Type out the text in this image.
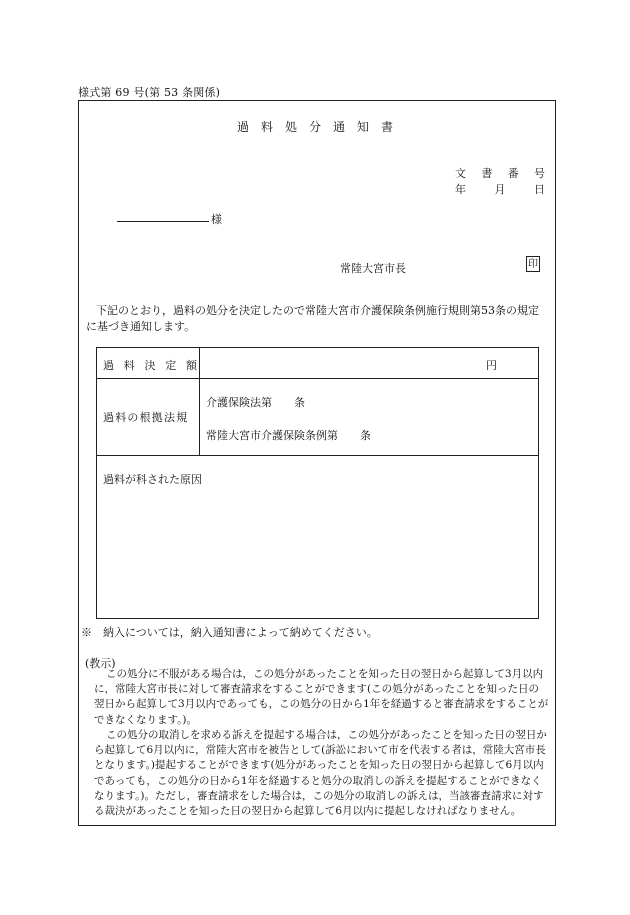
様式第 69 号(第 53 条関係)
過料処分通知書
文 書 番 号
年	月	日
様
常陸大宮市長	印
下記のとおり，過料の処分を決定したので常陸大宮市介護保険条例施行規則第53条の規定に基づき通知します。
過 料 決 定 額	円
過料の根拠法規
介護保険法第　　条
常陸大宮市介護保険条例第　　条
過料が科された原因
※　納入については，納入通知書によって納めてください。
(教示)
この処分に不服がある場合は，この処分があったことを知った日の翌日から起算して3月以内に，常陸大宮市長に対して審査請求をすることができます(この処分があったことを知った日の翌日から起算して3月以内であっても，この処分の日から1年を経過すると審査請求をすることができなくなります。)。
この処分の取消しを求める訴えを提起する場合は，この処分があったことを知った日の翌日から起算して6月以内に，常陸大宮市を被告として(訴訟において市を代表する者は，常陸大宮市長となります。)提起することができます(処分があったことを知った日の翌日から起算して6月以内であっても，この処分の日から1年を経過すると処分の取消しの訴えを提起することができなくなります。)。ただし，審査請求をした場合は，この処分の取消しの訴えは，当該審査請求に対する裁決があったことを知った日の翌日から起算して6月以内に提起しなければなりません。
